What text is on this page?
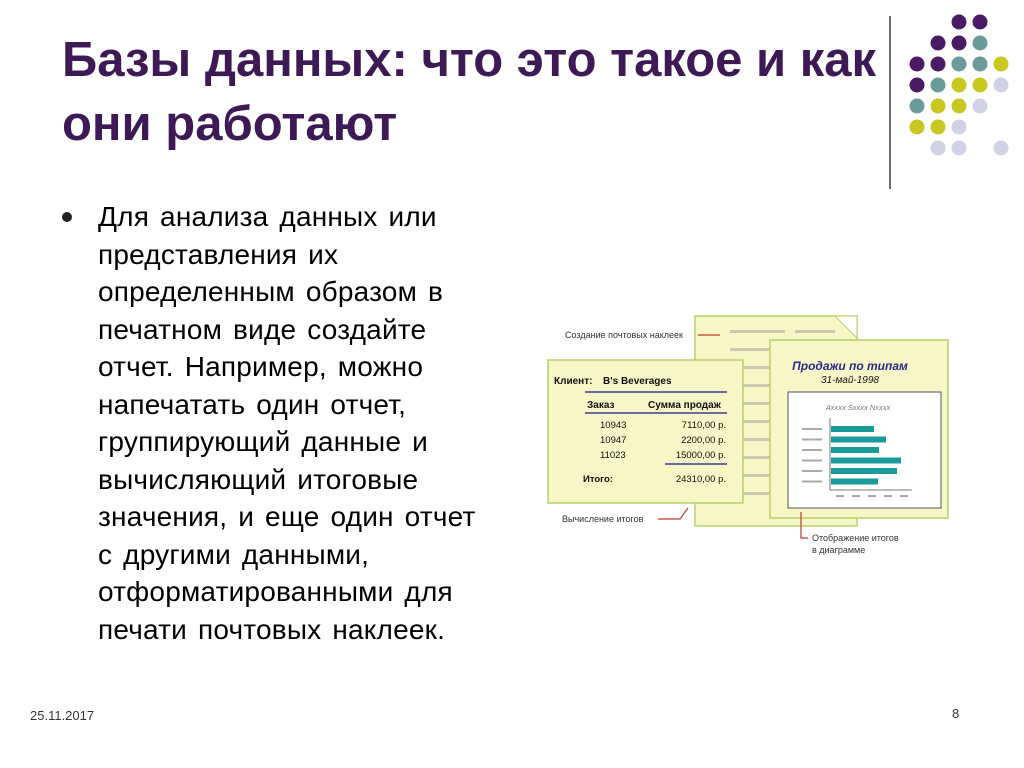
Базы данных: что это такое и как они работают

Для анализа данных или представления их определенным образом в печатном виде создайте отчет. Например, можно напечатать один отчет, группирующий данные и вычисляющий итоговые значения, и еще один отчет с другими данными, отформатированными для печати почтовых наклеек.

Клиент: B's Beverages
Заказ	Сумма продаж
10943	7110,00 р.
10947	2200,00 р.
11023	15000,00 р.
Итого:	24310,00 р.
Продажи по типам
31-май-1998
Ахххх Sхххх Nхххх
Создание почтовых наклеек
Вычисление итогов
Отображение итогов
в диаграмме
25.11.2017	8
